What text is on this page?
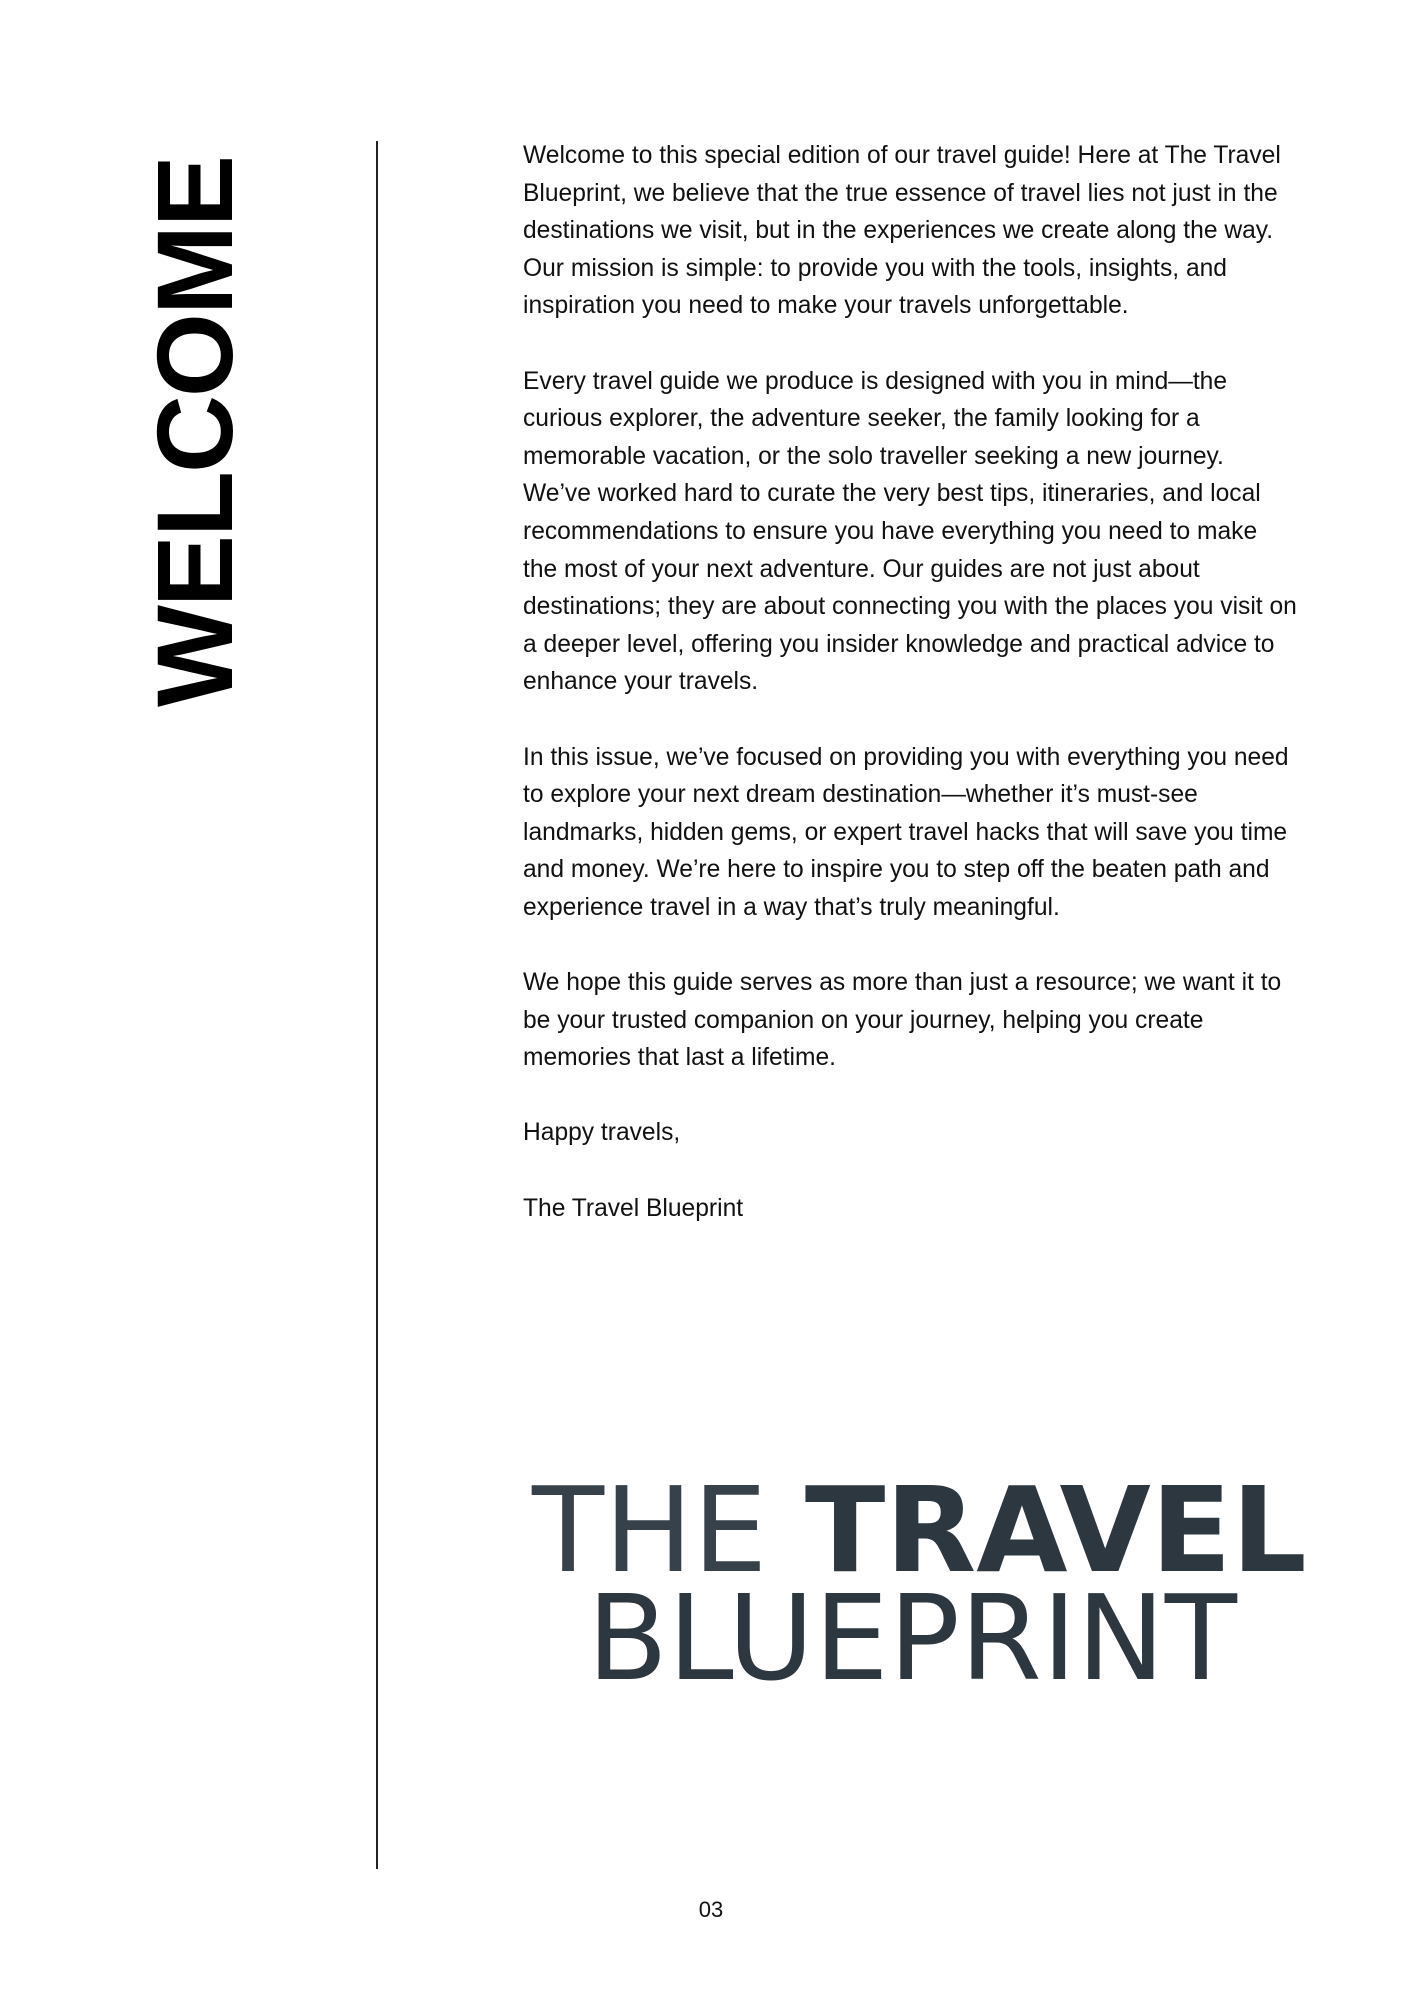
WELCOME

Welcome to this special edition of our travel guide! Here at The Travel Blueprint, we believe that the true essence of travel lies not just in the destinations we visit, but in the experiences we create along the way. Our mission is simple: to provide you with the tools, insights, and inspiration you need to make your travels unforgettable.

Every travel guide we produce is designed with you in mind—the curious explorer, the adventure seeker, the family looking for a memorable vacation, or the solo traveller seeking a new journey. We’ve worked hard to curate the very best tips, itineraries, and local recommendations to ensure you have everything you need to make the most of your next adventure. Our guides are not just about destinations; they are about connecting you with the places you visit on a deeper level, offering you insider knowledge and practical advice to enhance your travels.

In this issue, we’ve focused on providing you with everything you need to explore your next dream destination—whether it’s must-see landmarks, hidden gems, or expert travel hacks that will save you time and money. We’re here to inspire you to step off the beaten path and experience travel in a way that’s truly meaningful.

We hope this guide serves as more than just a resource; we want it to be your trusted companion on your journey, helping you create memories that last a lifetime.

Happy travels,

The Travel Blueprint

THE TRAVEL
BLUEPRINT
03
